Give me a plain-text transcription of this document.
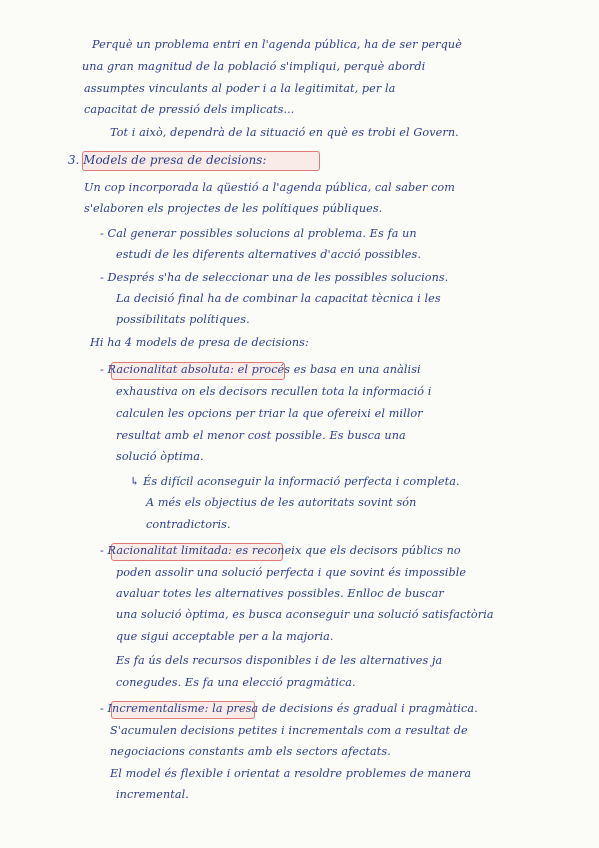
Perquè un problema entri en l'agenda pública, ha de ser perquè
una gran magnitud de la població s'impliqui, perquè abordi
assumptes vinculants al poder i a la legitimitat, per la
capacitat de pressió dels implicats...
Tot i això, dependrà de la situació en què es trobi el Govern.
3. Models de presa de decisions:
Un cop incorporada la qüestió a l'agenda pública, cal saber com
s'elaboren els projectes de les polítiques públiques.
- Cal generar possibles solucions al problema. Es fa un
estudi de les diferents alternatives d'acció possibles.
- Després s'ha de seleccionar una de les possibles solucions.
La decisió final ha de combinar la capacitat tècnica i les
possibilitats polítiques.
Hi ha 4 models de presa de decisions:
- Racionalitat absoluta: el procés es basa en una anàlisi
exhaustiva on els decisors recullen tota la informació i
calculen les opcions per triar la que ofereixi el millor
resultat amb el menor cost possible. Es busca una
solució òptima.
↳ És difícil aconseguir la informació perfecta i completa.
A més els objectius de les autoritats sovint són
contradictoris.
- Racionalitat limitada: es reconeix que els decisors públics no
poden assolir una solució perfecta i que sovint és impossible
avaluar totes les alternatives possibles. Enlloc de buscar
una solució òptima, es busca aconseguir una solució satisfactòria
que sigui acceptable per a la majoria.
Es fa ús dels recursos disponibles i de les alternatives ja
conegudes. Es fa una elecció pragmàtica.
- Incrementalisme: la presa de decisions és gradual i pragmàtica.
S'acumulen decisions petites i incrementals com a resultat de
negociacions constants amb els sectors afectats.
El model és flexible i orientat a resoldre problemes de manera
incremental.
